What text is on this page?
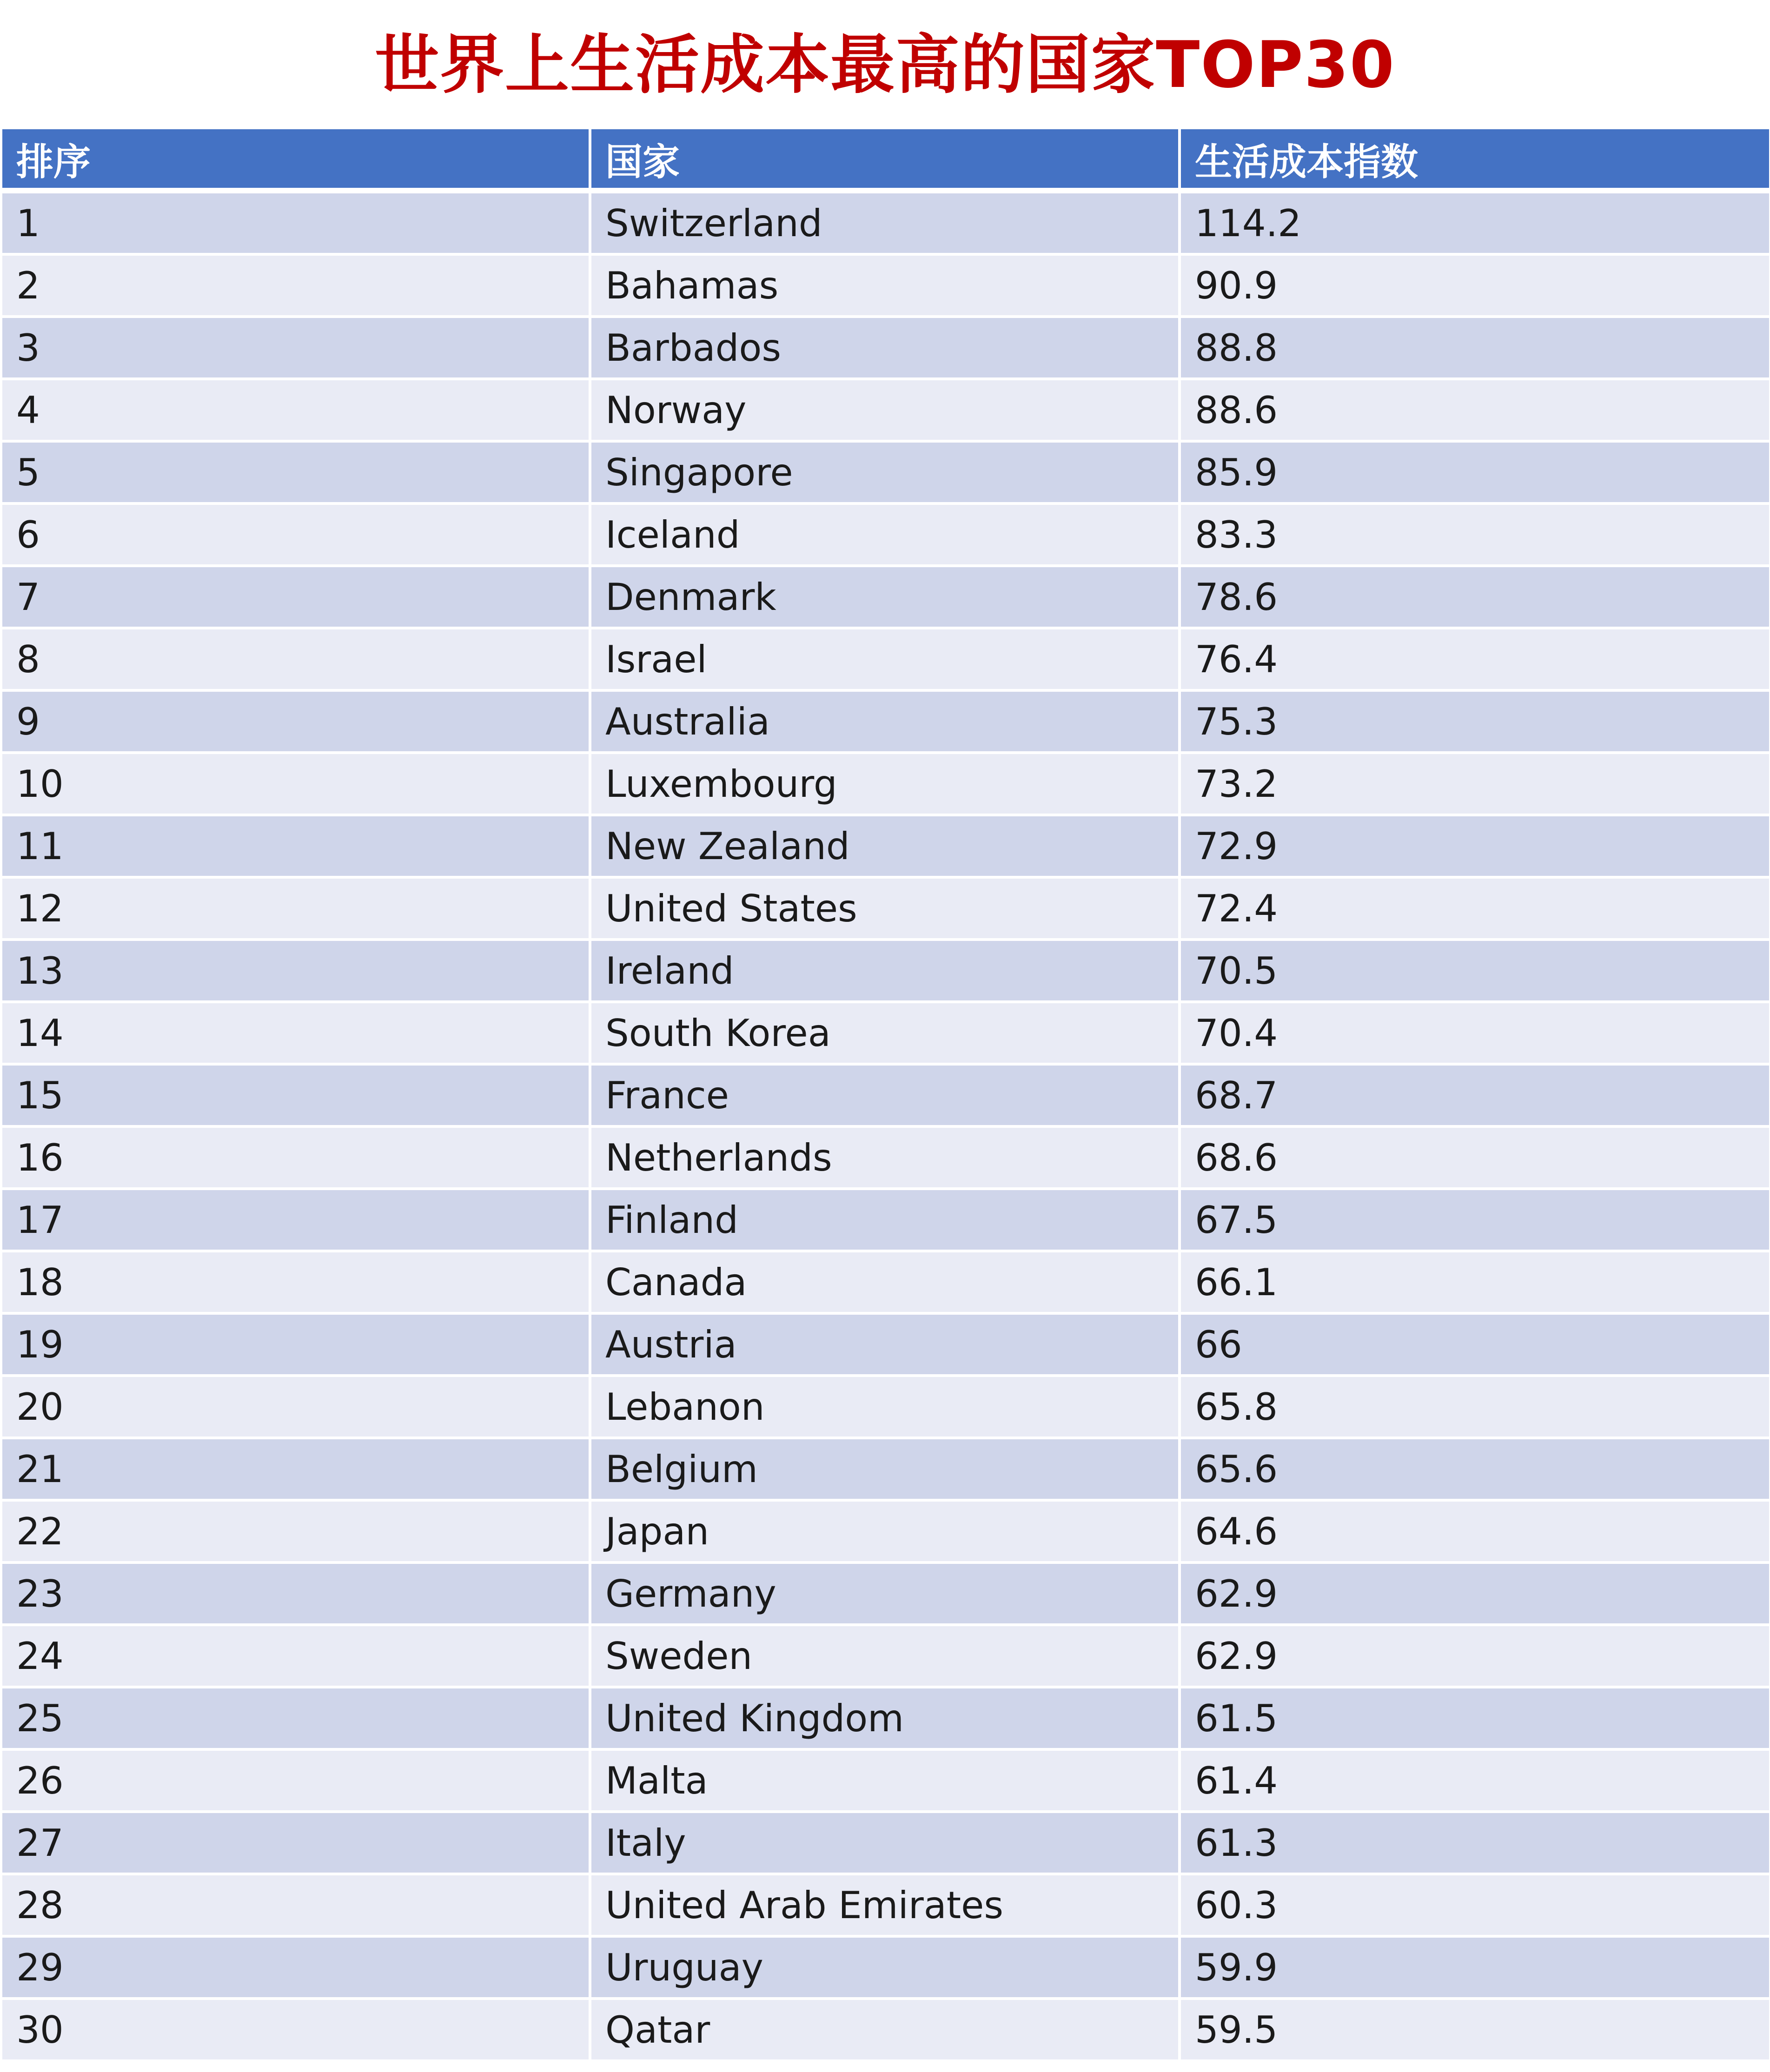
世界上生活成本最高的国家TOP30
排序	国家	生活成本指数
1	Switzerland	114.2
2	Bahamas	90.9
3	Barbados	88.8
4	Norway	88.6
5	Singapore	85.9
6	Iceland	83.3
7	Denmark	78.6
8	Israel	76.4
9	Australia	75.3
10	Luxembourg	73.2
11	New Zealand	72.9
12	United States	72.4
13	Ireland	70.5
14	South Korea	70.4
15	France	68.7
16	Netherlands	68.6
17	Finland	67.5
18	Canada	66.1
19	Austria	66
20	Lebanon	65.8
21	Belgium	65.6
22	Japan	64.6
23	Germany	62.9
24	Sweden	62.9
25	United Kingdom	61.5
26	Malta	61.4
27	Italy	61.3
28	United Arab Emirates	60.3
29	Uruguay	59.9
30	Qatar	59.5
